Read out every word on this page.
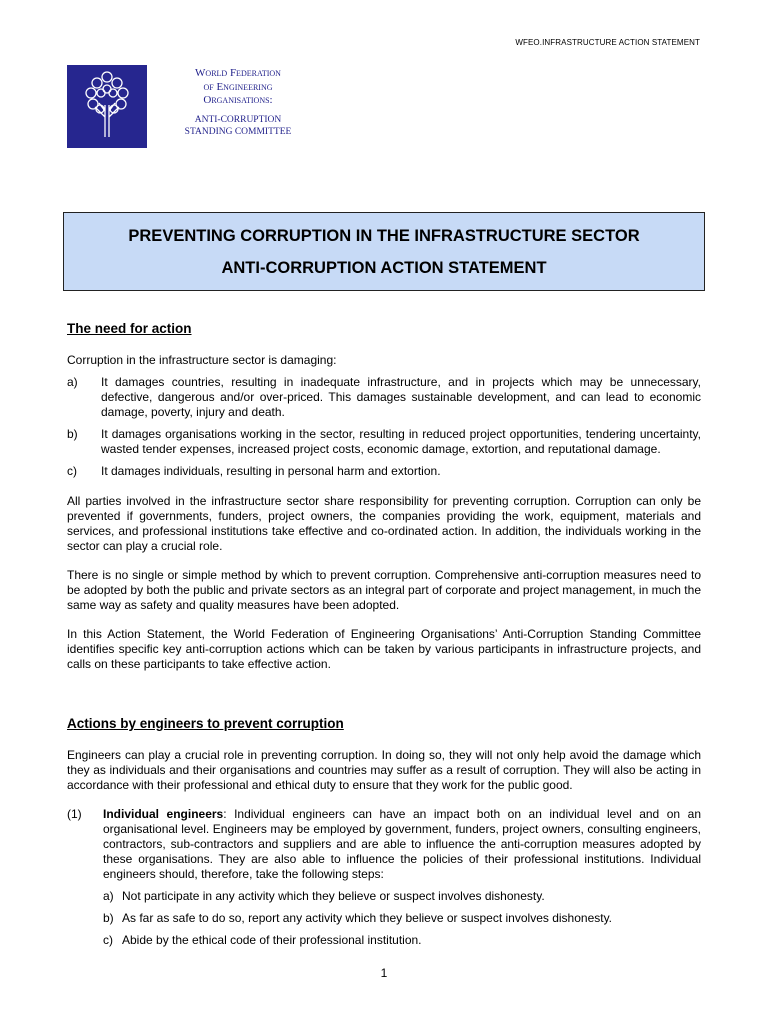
WFEO.INFRASTRUCTURE ACTION STATEMENT
World Federation
of Engineering
Organisations:
ANTI-CORRUPTION
STANDING COMMITTEE
PREVENTING CORRUPTION IN THE INFRASTRUCTURE SECTOR
ANTI-CORRUPTION ACTION STATEMENT
The need for action

Corruption in the infrastructure sector is damaging:

a)	It damages countries, resulting in inadequate infrastructure, and in projects which may be unnecessary, defective, dangerous and/or over-priced. This damages sustainable development, and can lead to economic damage, poverty, injury and death.
b)	It damages organisations working in the sector, resulting in reduced project opportunities, tendering uncertainty, wasted tender expenses, increased project costs, economic damage, extortion, and reputational damage.
c)	It damages individuals, resulting in personal harm and extortion.

All parties involved in the infrastructure sector share responsibility for preventing corruption. Corruption can only be prevented if governments, funders, project owners, the companies providing the work, equipment, materials and services, and professional institutions take effective and co-ordinated action. In addition, the individuals working in the sector can play a crucial role.

There is no single or simple method by which to prevent corruption. Comprehensive anti-corruption measures need to be adopted by both the public and private sectors as an integral part of corporate and project management, in much the same way as safety and quality measures have been adopted.

In this Action Statement, the World Federation of Engineering Organisations’ Anti-Corruption Standing Committee identifies specific key anti-corruption actions which can be taken by various participants in infrastructure projects, and calls on these participants to take effective action.

Actions by engineers to prevent corruption

Engineers can play a crucial role in preventing corruption. In doing so, they will not only help avoid the damage which they as individuals and their organisations and countries may suffer as a result of corruption. They will also be acting in accordance with their professional and ethical duty to ensure that they work for the public good.

(1)	Individual engineers: Individual engineers can have an impact both on an individual level and on an organisational level. Engineers may be employed by government, funders, project owners, consulting engineers, contractors, sub-contractors and suppliers and are able to influence the anti-corruption measures adopted by these organisations. They are also able to influence the policies of their professional institutions. Individual engineers should, therefore, take the following steps:
a) Not participate in any activity which they believe or suspect involves dishonesty.
b) As far as safe to do so, report any activity which they believe or suspect involves dishonesty.
c) Abide by the ethical code of their professional institution.
1
